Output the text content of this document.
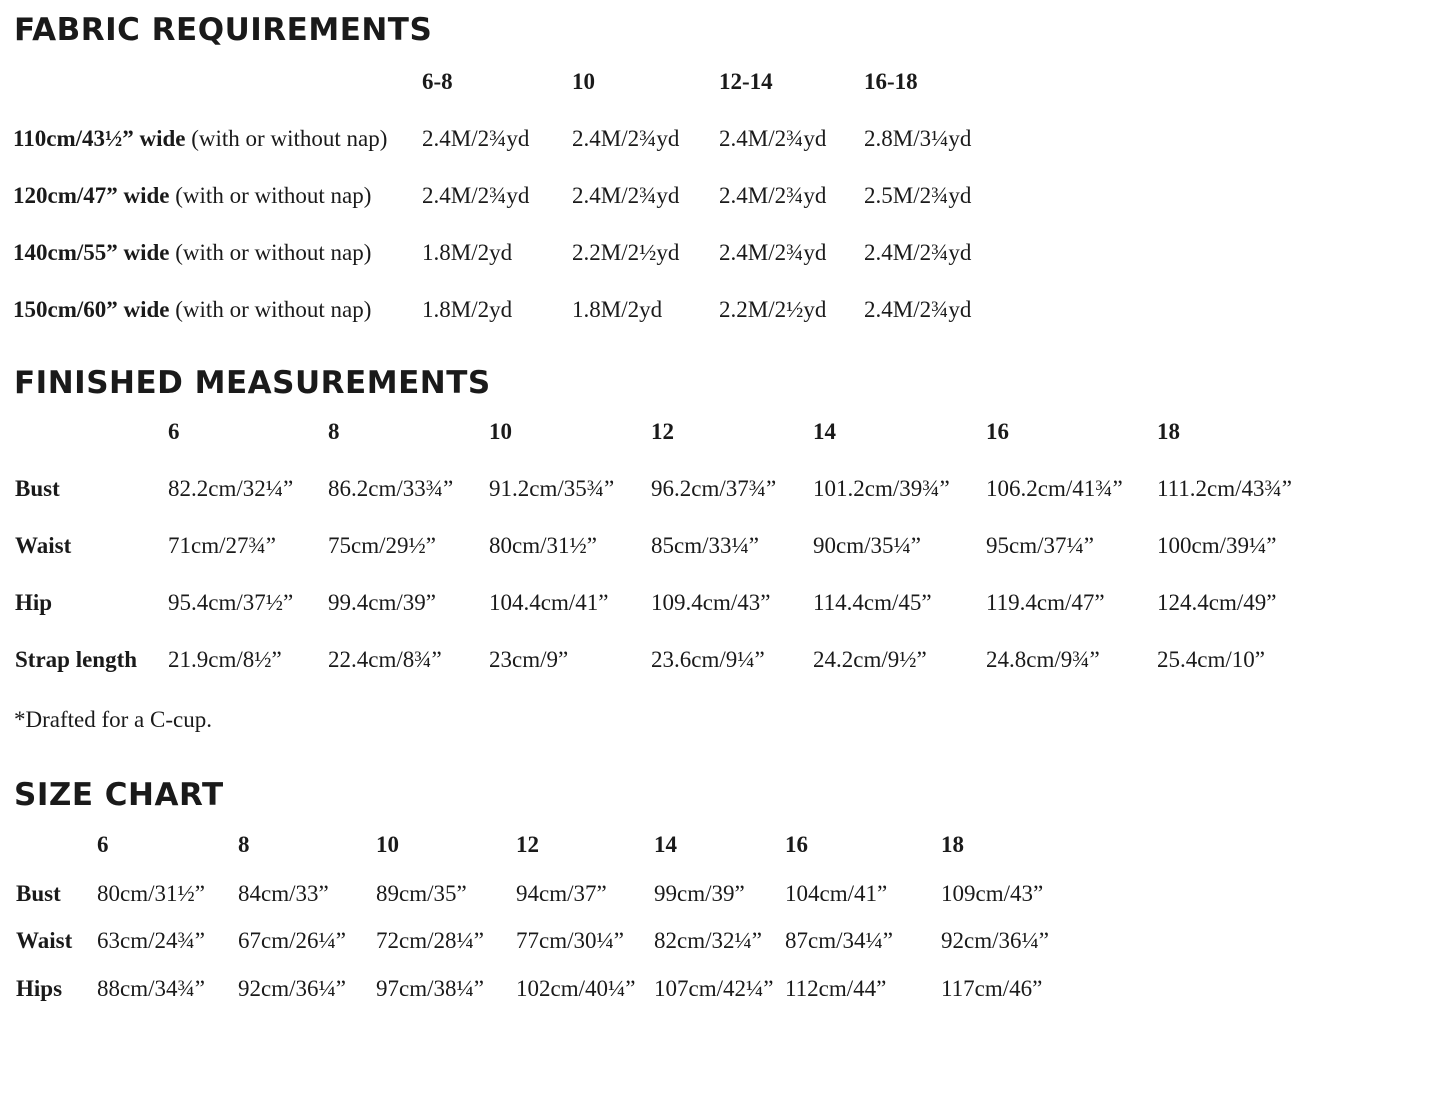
FABRIC REQUIREMENTS
6-8	10	12-14	16-18
110cm/43½” wide (with or without nap) 2.4M/2¾yd 2.4M/2¾yd 2.4M/2¾yd 2.8M/3¼yd
120cm/47” wide (with or without nap) 2.4M/2¾yd 2.4M/2¾yd 2.4M/2¾yd 2.5M/2¾yd
140cm/55” wide (with or without nap) 1.8M/2yd	2.2M/2½yd 2.4M/2¾yd 2.4M/2¾yd
150cm/60” wide (with or without nap) 1.8M/2yd	1.8M/2yd 2.2M/2½yd 2.4M/2¾yd
FINISHED MEASUREMENTS
6	8	10	12	14	16	18
Bust	82.2cm/32¼” 86.2cm/33¾” 91.2cm/35¾” 96.2cm/37¾” 101.2cm/39¾” 106.2cm/41¾” 111.2cm/43¾”
Waist	71cm/27¾” 75cm/29½” 80cm/31½” 85cm/33¼” 90cm/35¼”	95cm/37¼”	100cm/39¼”
Hip	95.4cm/37½” 99.4cm/39” 104.4cm/41” 109.4cm/43” 114.4cm/45” 119.4cm/47” 124.4cm/49”
Strap length 21.9cm/8½” 22.4cm/8¾” 23cm/9”	23.6cm/9¼” 24.2cm/9½”	24.8cm/9¾” 25.4cm/10”
*Drafted for a C-cup.
SIZE CHART
6	8	10	12	14	16	18
Bust 80cm/31½” 84cm/33” 89cm/35” 94cm/37” 99cm/39” 104cm/41” 109cm/43”
Waist 63cm/24¾” 67cm/26¼” 72cm/28¼” 77cm/30¼” 82cm/32¼” 87cm/34¼” 92cm/36¼”
Hips 88cm/34¾” 92cm/36¼” 97cm/38¼” 102cm/40¼” 107cm/42¼” 112cm/44” 117cm/46”
